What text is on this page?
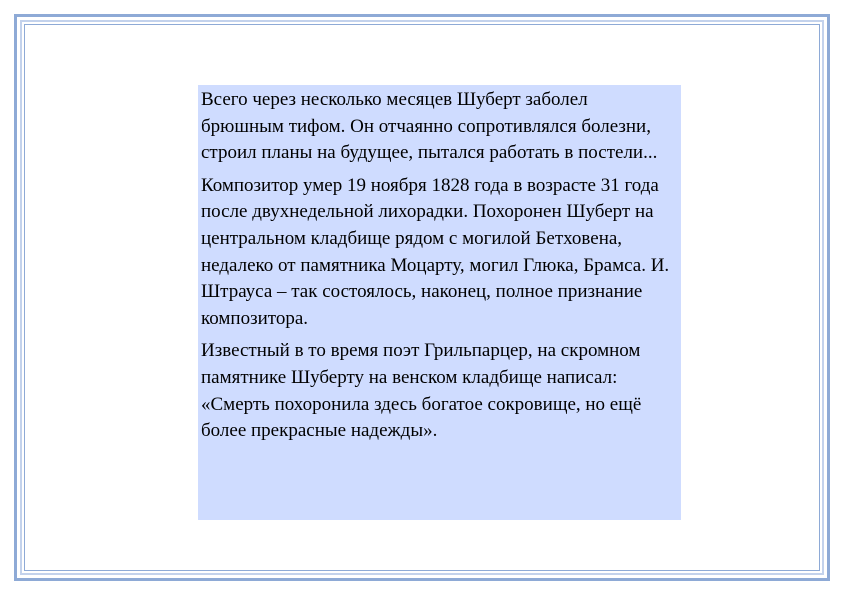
Всего через несколько месяцев Шуберт заболел брюшным тифом. Он отчаянно сопротивлялся болезни, строил планы на будущее, пытался работать в постели...

Композитор умер 19 ноября 1828 года в возрасте 31 года после двухнедельной лихорадки. Похоронен Шуберт на центральном кладбище рядом с могилой Бетховена, недалеко от памятника Моцарту, могил Глюка, Брамса. И. Штрауса – так состоялось, наконец, полное признание композитора.

Известный в то время поэт Грильпарцер, на скромном памятнике Шуберту на венском кладбище написал: «Смерть похоронила здесь богатое сокровище, но ещё более прекрасные надежды».
